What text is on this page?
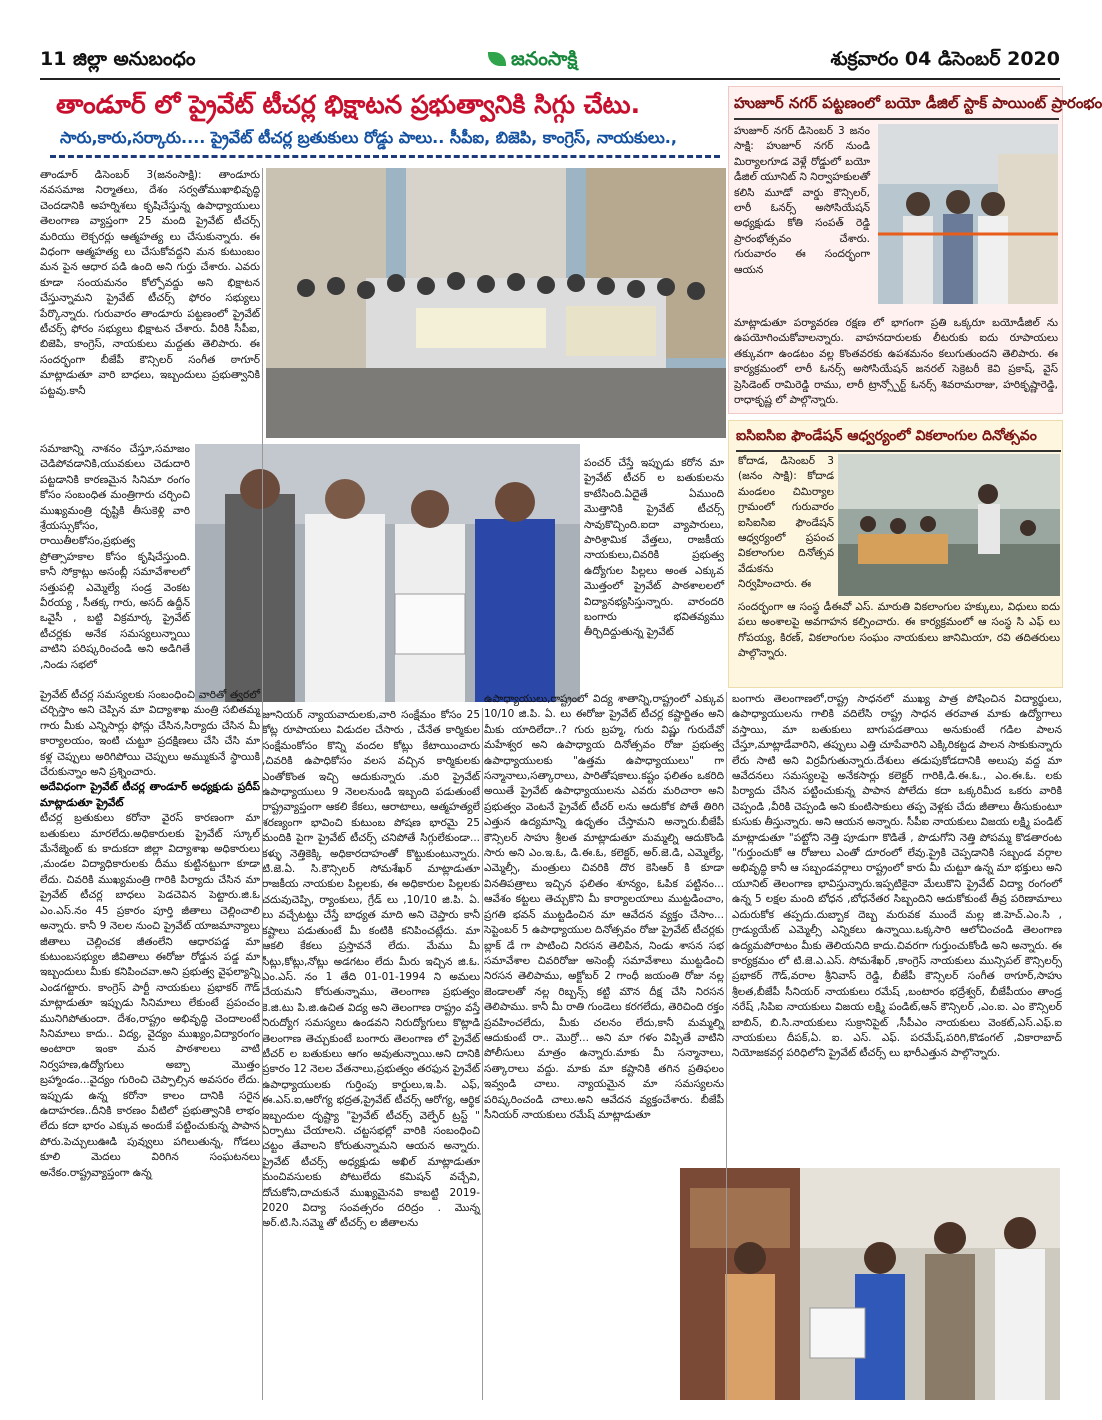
11 జిల్లా అనుబంధం	జనంసాక్షి	శుక్రవారం 04 డిసెంబర్ 2020
తాండూర్ లో ప్రైవేట్ టీచర్ల భిక్షాటన ప్రభుత్వానికి సిగ్గు చేటు.
సారు,కారు,సర్కారు.... ప్రైవేట్ టీచర్ల బ్రతుకులు రోడ్డు పాలు.. సీపీఐ, బిజెపి, కాంగ్రెస్, నాయకులు.,

తాండూర్ డిసెంబర్ 3(జనంసాక్షి): తాండూరు నవసమాజ నిర్మాతలు, దేశం సర్వతోముఖాభివృద్ధి చెందడానికి అహర్నిశలు కృషిచేస్తున్న ఉపాధ్యాయులు తెలంగాణ వ్యాప్తంగా 25 మంది ప్రైవేట్ టీచర్స్ మరియు లెక్చరర్లు ఆత్మహత్య లు చేసుకున్నారు. ఈ విధంగా ఆత్మహత్య లు చేసుకోవద్దని మన కుటుంబం మన పైన ఆధార పడి ఉంది అని గుర్తు చేశారు. ఎవరు కూడా సంయమనం కోల్పోవద్దు అని భిక్షాటన చేస్తున్నామని ప్రైవేట్ టీచర్స్ ఫోరం సభ్యులు పేర్కొన్నారు. గురువారం తాండూరు పట్టణంలో ప్రైవేట్ టీచర్స్ ఫోరం సభ్యులు భిక్షాటన చేశారు. వీరికి సీపీఐ, బిజెపి, కాంగ్రెస్, నాయకులు మద్దతు తెలిపారు. ఈ సందర్భంగా బీజేపీ కౌన్సిలర్ సంగీత ఠాగూర్ మాట్లాడుతూ వారి బాధలు, ఇబ్బందులు ప్రభుత్వానికి పట్టవు.కానీ

సమాజాన్ని నాశనం చేస్తూ,సమాజం చెడిపోవడానికి,యువకులు చెడుదారి పట్టడానికి కారణమైన సినిమా రంగం కోసం సంబంధిత మంత్రిగారు చర్చించి ముఖ్యమంత్రి దృష్టికి తీసుకెళ్లి వారి శ్రేయస్సుకోసం, రాయితీలకోసం,ప్రభుత్వ ప్రోత్సాహకాల కోసం కృషిచేస్తుంది. కానీ సోక్రాట్లు అసంబ్లీ సమావేశాలలో సత్తుపల్లి ఎమ్మెల్యే సండ్ర వెంకట వీరయ్య , సీతక్క గారు, అసద్ ఉద్దీన్ ఒవైసీ , బట్టి విక్రమార్క ప్రైవేట్ టీచర్లకు అనేక సమస్యలున్నాయి వాటిని పరిష్కరించండి అని అడిగితే ,నిండు సభలో

ప్రైవేట్ టీచర్ల సమస్యలకు సంబంధించి వారితో త్వరలో చర్చిస్తాం అని చెప్పిన మా విద్యాశాఖ మంత్రి సబితమ్మ గారు మీకు ఎన్నిసార్లు ఫోన్లు చేసిన,సిర్యాదు చేసిన మీ కార్యాలయం, ఇంటి చుట్టూ ప్రదక్షిణలు చేసి చేసి మా కళ్ల చెప్పులు అరిగిపోయి చెప్పులు అమ్ముకునే స్థాయికి చేరుకున్నాం అని ప్రశ్నించారు.

అదేవిధంగా ప్రైవేట్ టీచర్ల తాండూర్ అధ్యక్షుడు ప్రదీప్ మాట్లాడుతూ ప్రైవేట్

టీచర్ల బ్రతుకులు కరోనా వైరస్ కారణంగా మా బతుకులు మారలేదు.అధికారులకు ప్రైవేట్ స్కూల్ మేనేజ్మెంట్ కు కాదుకదా జిల్లా విద్యాశాఖ అధికారులు ,మండల విద్యాధికారులకు దీము కుట్టినట్టుగా కూడా లేదు. చివరికి ముఖ్యమంత్రి గారికి పిర్యాదు చేసిన మా ప్రైవేట్ టీచర్ల బాధలు పెడచెవిన పెట్టారు.జి.ఓ ఎం.ఎస్.నం 45 ప్రకారం పూర్తి జీతాలు చెల్లించాలి అన్నారు. కానీ 9 నెలల నుంచి ప్రైవేట్ యాజమాన్యాలు జీతాలు చెల్లించక జీతంలేని ఆధారపడ్డ మా కుటుంబసభ్యుల జీవితాలు ఈరోజు రోడ్డున పడ్డ మా ఇబ్బందులు మీకు కనిపించవా.అని ప్రభుత్వ వైఫల్యాన్ని ఎండగట్టారు. కాంగ్రెస్ పార్టీ నాయకులు ప్రభాకర్ గౌడ్ మాట్లాడుతూ ఇప్పుడు సినిమాలు లేకుంటే ప్రపంచం మునిగిపోతుందా. దేశం,రాష్ట్రం అభివృద్ధి చెందాలంటే సినిమాలు కాదు.. విద్య, వైద్యం ముఖ్యం,విద్యారంగం అంటారా ఇంకా మన పాఠశాలలు వాటి నిర్వహణ,ఉద్యోగులు అబ్బా మొత్తం బ్రహ్మాండం...వైద్యం గురించి చెప్పాల్సిన అవసరం లేదు. ఇప్పుడు ఉన్న కరోనా కాలం దానికి సరైన ఉదాహరణ..దీనికి కారణం వీటిలో ప్రభుత్వానికి లాభం లేదు కదా భారం ఎక్కువ అందుకే పట్టించుకున్న పాపాన పోరు.పెచ్చులుఊడి పువ్వులు పగిలుతున్న, గోడలు కూలి మెదలు విరిగిన సంఘటనలు అనేకం.రాష్ట్రవ్యాప్తంగా ఉన్న

జూనియర్ న్యాయవాదులకు,వారి సంక్షేమం కోసం 25 కోట్ల రూపాయలు విడుదల చేసారు , చేనేత కార్మికుల సంక్షేమంకోసం కొన్ని వందల కోట్లు కేటాయించారు ,చివరికి ఉపాధికోసం వలస వచ్చిన కార్మికులకు ఎంతోకొంత ఇచ్చి ఆదుకున్నారు .మరి ప్రైవేట్ ఉపాధ్యాయులు 9 నెలలనుండి ఇబ్బంది పడుతుంటే రాష్ట్రవ్యాప్తంగా ఆకలి కేకలు, ఆరాటాలు, ఆత్మహత్యలే శరణ్యంగా భావించి కుటుంబ పోషణ భారమై 25 మందికి పైగా ప్రైవేట్ టీచర్స్ చనిపోతే సిగ్గులేకుండా... కళ్ళు నెత్తికెక్కి అధికారదాహంతో కొట్టుకుంటున్నారు. టి.జె.ఏ. సి.కౌన్సిలర్ సోమశేఖర్ మాట్లాడుతూ రాజకీయ నాయకుల పిల్లలకు, ఈ అధికారుల పిల్లలకు చదువుచెప్పి, ర్యాంకులు, గ్రేడ్ లు ,10/10 జి.పి. ఏ. లు వచ్చేటట్టు చేస్తే బాధ్యత మాది అని చెప్తారు కానీ కష్టాలు పడుతుంటే మీ కంటికి కనిపించట్లేదు. మా ఆకలి కేకలు ప్రస్తావనే లేదు. మేము మీ సీట్లు,కోట్లు,నోట్లు అడగటం లేదు మీరు ఇచ్చిన జి.ఓ. ఎం.ఎస్. నం 1 తేది 01-01-1994 ని అమలు చేయమని కోరుతున్నాము, తెలంగాణ ప్రభుత్వం కె.జి.టు పి.జి.ఉచిత విద్య అని తెలంగాణ రాష్ట్రం వస్తే నిరుద్యోగ సమస్యలు ఉండవని నిరుద్యోగులు కొట్లాడి తెలంగాణ తెచ్చుకుంటే బంగారు తెలంగాణ లో ప్రైవేట్ టీచర్ ల బతుకులు ఆగం అవుతున్నాయి.అని దానికి ప్రకారం 12 నెలల వేతనాలు,ప్రభుత్వం తరఫున ప్రైవేట్ ఉపాధ్యాయులకు గుర్తింపు కార్డులు,ఇ.పి. ఎఫ్, ఈ.ఎస్.ఐ,ఆరోగ్య భద్రత,ప్రైవేట్ టీచర్స్ ఆరోగ్య, ఆర్థిక ఇబ్బందుల దృష్ట్యా "ప్రైవేట్ టీచర్స్ వెల్ఫేర్ ట్రస్ట్ " ఏర్పాటు చేయాలని. చట్టసభల్లో వారికి సంబంధించి చట్టం తేవాలని కోరుతున్నామని ఆయన అన్నారు. ప్రైవేట్ టీచర్స్ అధ్యక్షుడు అఖిల్ మాట్లాడుతూ మంచివసులకు పోటులేదు కమిషన్ వచ్చేవి, దోచుకోని,దాచుకునే ముఖ్యమైనవి కాబట్టి 2019-2020 విద్యా సంవత్సరం దరిద్రం . మొన్న అర్.టి.సి.సమ్మె తో టీచర్స్ ల జీతాలను

పంచర్ చేస్తే ఇప్పుడు కరోన మా ప్రైవేట్ టీచర్ ల బతుకులను కాటేసింది.ఏదైతే ఏముంది మొత్తానికి ప్రైవేట్ టీచర్స్ సావుకొచ్చింది.ఐదా వ్యాపారులు, పారిశ్రామిక వేత్తలు, రాజకీయ నాయకులు,చివరికి ప్రభుత్వ ఉద్యోగుల పిల్లలు అంత ఎక్కువ మొత్తంలో ప్రైవేట్ పాఠశాలలలో విద్యానభ్యసిస్తున్నారు. వారందరి బంగారు భవితవ్యము తీర్చిదిద్దుతున్న ప్రైవేట్

ఉపాధ్యాయులు,రాష్ట్రంలో విద్య శాతాన్ని,రాష్ట్రంలో ఎక్కువ 10/10 జి.పి. ఏ. లు ఈరోజు ప్రైవేట్ టీచర్ల కష్టార్జితం అని మీకు యాదిలేదా..? గురు బ్రహ్మ, గురు విష్ణు గురుదేవో మహేశ్వర అని ఉపాధ్యాయ దినోత్సవం రోజు ప్రభుత్వ ఉపాధ్యాయులకు "ఉత్తమ ఉపాధ్యాయులు" గా సన్మానాలు,సత్కారాలు, పారితోషకాలు.కష్టం ఫలితం ఒకరిది అయితే ప్రైవేట్ ఉపాధ్యాయులను ఎవరు మరిచారా అని ప్రభుత్వం వెంటనే ప్రైవేట్ టీచర్ లను ఆదుకోక పోతే తిరిగి ఎత్తున ఉద్యమాన్ని ఉధృతం చేస్తామని అన్నారు.బీజేపీ కౌన్సిలర్ సాహు శ్రీలత మాట్లాడుతూ మమ్మల్ని ఆదుకొండి సారు అని ఎం.ఇ.ఓ, డి.ఈ.ఓ, కలెక్టర్, అర్.జె.డి, ఎమ్మెల్యే, ఎమ్మెల్సీ, మంత్రులు చివరికి దొర కెసిఆర్ కి కూడా వినతిపత్రాలు ఇచ్చిన ఫలితం శూన్యం, ఓపిక పట్టినం... ఆవేశం కట్టలు తెచ్చుకొని మీ కార్యాలయాలు ముట్టడించాం, ప్రగతి భవన్ ముట్టడించిన మా ఆవేదన వ్యక్తం చేసాం... సెప్టెంబర్ 5 ఉపాధ్యాయుల దినోత్సవం రోజు ప్రైవేట్ టీచర్లకు బ్లాక్ డే గా పాటించి నిరసన తెలిపిన, నిండు శాసన సభ సమావేశాల చివరిరోజు అసెంబ్లీ సమావేశాలు ముట్టడించి నిరసన తెలిపాము, అక్టోబర్ 2 గాంధీ జయంతి రోజు నల్ల జెండాలతో నల్ల రిబ్బన్స్ కట్టి మౌన దీక్ష చేసి నిరసన తెలిపాము. కానీ మీ రాతి గుండెలు కరగలేదు, తెరిచింది రక్తం ప్రవహించలేదు, మీకు చలనం లేదు,కానీ మమ్మల్ని ఆదుకుంటే రా.. మొర్రో... అని మా గళం విప్పితే వాటిని పోలీసులు మాత్రం ఉన్నారు.మాకు మీ సన్మానాలు, సత్కారాలు వద్దు. మాకు మా కష్టానికి తగిన ప్రతిఫలం ఇవ్వండి చాలు. న్యాయమైన మా సమస్యలను పరిష్కరించండి చాలు.అని ఆవేదన వ్యక్తంచేశారు. బీజేపీ సీనియర్ నాయకులు రమేష్ మాట్లాడుతూ

హుజూర్ నగర్ పట్టణంలో బయో డీజిల్ స్టాక్ పాయింట్ ప్రారంభం

హుజూర్ నగర్ డిసెంబర్ 3 జనం సాక్షి: హుజూర్ నగర్ నుండి మిర్యాలగూడ వెళ్లే రోడ్డులో బయో డీజిల్ యూనిట్ ని నిర్వాహకులతో కలిసి మూడో వార్డు కౌన్సిలర్, లారీ ఓనర్స్ అసోసియేషన్ అధ్యక్షుడు కోతి సంపత్ రెడ్డి ప్రారంభోత్సవం చేశారు. గురువారం ఈ సందర్భంగా ఆయన

మాట్లాడుతూ పర్యావరణ రక్షణ లో భాగంగా ప్రతి ఒక్కరూ బయోడీజిల్ ను ఉపయోగించుకోవాలన్నారు. వాహనదారులకు లీటరుకు ఐదు రూపాయలు తక్కువగా ఉండటం వల్ల కొంతవరకు ఉపశమనం కలుగుతుందని తెలిపారు. ఈ కార్యక్రమంలో లారీ ఓనర్స్ అసోసియేషన్ జనరల్ సెక్రెటరీ కెవి ప్రకాష్, వైస్ ప్రెసిడెంట్ రామిరెడ్డి రాము, లారీ ట్రాన్స్పోర్ట్ ఓనర్స్ శివరామరాజు, హరికృష్ణారెడ్డి, రాధాకృష్ణ లో పాల్గొన్నారు.

ఐసిఐసిఐ ఫౌండేషన్ ఆధ్వర్యంలో వికలాంగుల దినోత్సవం

కోదాడ, డిసెంబర్ 3 (జనం సాక్షి): కోదాడ మండలం చిమిర్యాల గ్రామంలో గురువారం ఐసిఐసిఐ ఫౌండేషన్ ఆధ్వర్యంలో ప్రపంచ వికలాంగుల దినోత్సవ వేడుకను నిర్వహించారు. ఈ

సందర్భంగా ఆ సంస్థ డీఈవో ఎస్. మారుతి వికలాంగుల హక్కులు, విధులు ఐదు పలు అంశాలపై అవగాహన కల్పించారు. ఈ కార్యక్రమంలో ఆ సంస్థ సి ఎఫ్ లు గోపయ్య, కిరణ్, వికలాంగుల సంఘం నాయకులు జానిమియా, రవి తదితరులు పాల్గొన్నారు.

బంగారు తెలంగాణలో,రాష్ట్ర సాధనలో ముఖ్య పాత్ర పోషించిన విద్యార్థులు, ఉపాధ్యాయులను గాలికి వదిలేసి రాష్ట్ర సాధన తరవాత మాకు ఉద్యోగాలు వస్తాయి, మా బతుకులు బాగుపడతాయి అనుకుంటే గడిల పాలన చేస్తూ,మాట్లాడేవారిని, తప్పులు ఎత్తి చూపేవారిని ఎక్కిరికట్టడ పాలన సాకుకున్నారు లేరు సాటి అని విర్రవీగుతున్నారు.దేశులు తడుపుకోడదానికి అలుపు వద్ద మా ఆవేదనలు సమస్యలపై అనేకసార్లు కలెక్టర్ గారికి,డి.ఈ.ఓ., ఎం.ఈ.ఓ. లకు పిర్యాదు చేసిన పట్టించుకున్న పాపాన పోలేదు కదా ఒక్కరిమీద ఒకరు వారికి చెప్పండి ,వీరికి చెప్పండి అని కుంటిసాకులు తప్ప వెళ్లకు చేదు జీతాలు తీసుకుంటూ కుసుకు తీస్తున్నారు. అని ఆయన అన్నారు. సీపీఐ నాయకులు విజయ లక్ష్మి పండిట్ మాట్లాడుతూ "పట్టోని నెత్తి పూడుగా కొడితే , పొడుగోని నెత్తి పోపమ్మ కొడతారంట "గుర్తుంచుకో ఆ రోజులు ఎంతో దూరంలో లేవు.ప్రైకి చెప్పడానికి సబ్బండ వర్గాల అభివృద్ధి కానీ ఆ సబ్బండవర్గాలు రాష్ట్రంలో కారు మీ చుట్టూ ఉన్న మా భక్తులు అని యూనిట్ తెలంగాణ భావిస్తున్నారు.ఇప్పటికైనా మేలుకొని ప్రైవేట్ విద్యా రంగంలో ఉన్న 5 లక్షల మంది బోధన ,బోధనేతర సిబ్బందిని ఆదుకోకుంటే తీవ్ర పరిణామాలు ఎదురుకోక తప్పదు.దుబ్బాక దెబ్బ మరువక ముందే మల్ల జి.హెచ్.ఎం.సి , గ్రాడ్యుయేట్ ఎమ్మెల్సీ ఎన్నికలు ఉన్నాయి.ఒక్కసారి ఆలోచించండి తెలంగాణ ఉద్యమపోరాటం మీకు తెలియనిది కాదు.చివరగా గుర్తుంచుకోండి అని అన్నారు. ఈ కార్యక్రమం లో టి.జె.ఎ.ఎస్. సోమశేఖర్ ,కాంగ్రెస్ నాయకులు మున్సిపల్ కౌన్సిలర్స్ ప్రభాకర్ గౌడ్,వరాల శ్రీనివాస్ రెడ్డి, బీజేపీ కౌన్సిలర్ సంగీత ఠాగూర్,సాహు శ్రీలత,బీజేపీ సీనియర్ నాయకులు రమేష్ ,బంటారం భద్రేశ్వర్, బీజేపీయం తాండ్ర నరేష్ ,సిపిఐ నాయకులు విజయ లక్ష్మి పండిట్,ఆన్ కౌన్సిలర్ ,ఎం.ఐ. ఎం కౌన్సిలర్ బాబిన్, బి.సి.నాయకులు సుక్రానిపైట్ ,సీపీఎం నాయకులు వెంకట్,ఎస్.ఎఫ్.ఐ నాయకులు దీపక్,ఏ. ఐ. ఎస్. ఎఫ్. పరమేష్,పరిగి,కొడంగల్ ,వికారాబాద్ నియోజకవర్గ పరిధిలోని ప్రైవేట్ టీచర్స్ లు భారీఎత్తున పాల్గొన్నారు.
